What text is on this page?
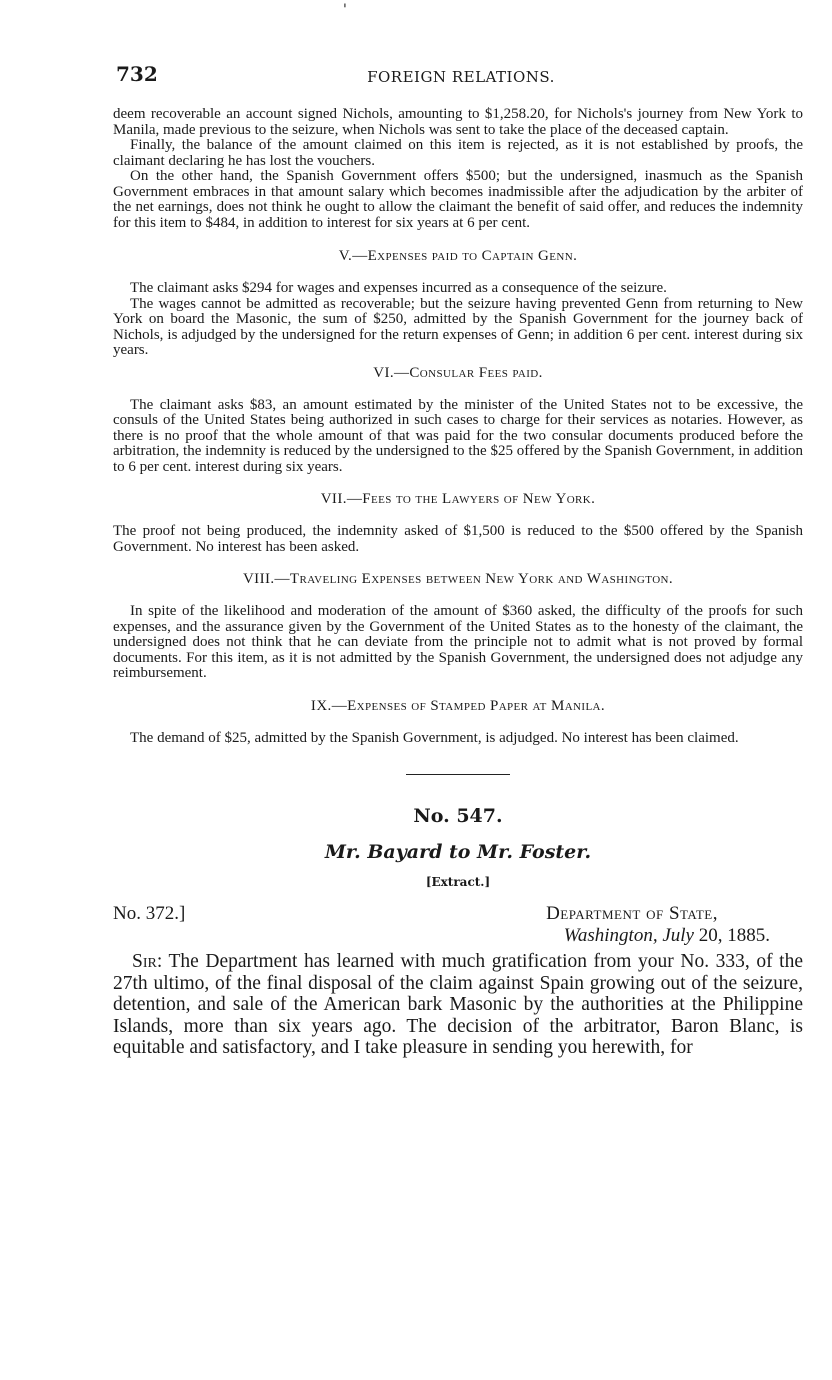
'
732	FOREIGN RELATIONS.

deem recoverable an account signed Nichols, amounting to $1,258.20, for Nichols's journey from New York to Manila, made previous to the seizure, when Nichols was sent to take the place of the deceased captain.

Finally, the balance of the amount claimed on this item is rejected, as it is not established by proofs, the claimant declaring he has lost the vouchers.

On the other hand, the Spanish Government offers $500; but the undersigned, inasmuch as the Spanish Government embraces in that amount salary which becomes inadmissible after the adjudication by the arbiter of the net earnings, does not think he ought to allow the claimant the benefit of said offer, and reduces the indemnity for this item to $484, in addition to interest for six years at 6 per cent.

V.—Expenses paid to Captain Genn.

The claimant asks $294 for wages and expenses incurred as a consequence of the seizure.

The wages cannot be admitted as recoverable; but the seizure having prevented Genn from returning to New York on board the Masonic, the sum of $250, admitted by the Spanish Government for the journey back of Nichols, is adjudged by the undersigned for the return expenses of Genn; in addition 6 per cent. interest during six years.

VI.—Consular Fees paid.

The claimant asks $83, an amount estimated by the minister of the United States not to be excessive, the consuls of the United States being authorized in such cases to charge for their services as notaries. However, as there is no proof that the whole amount of that was paid for the two consular documents produced before the arbitration, the indemnity is reduced by the undersigned to the $25 offered by the Spanish Government, in addition to 6 per cent. interest during six years.

VII.—Fees to the Lawyers of New York.

The proof not being produced, the indemnity asked of $1,500 is reduced to the $500 offered by the Spanish Government. No interest has been asked.

VIII.—Traveling Expenses between New York and Washington.

In spite of the likelihood and moderation of the amount of $360 asked, the difficulty of the proofs for such expenses, and the assurance given by the Government of the United States as to the honesty of the claimant, the undersigned does not think that he can deviate from the principle not to admit what is not proved by formal documents. For this item, as it is not admitted by the Spanish Government, the undersigned does not adjudge any reimbursement.

IX.—Expenses of Stamped Paper at Manila.

The demand of $25, admitted by the Spanish Government, is adjudged. No interest has been claimed.

No. 547.

Mr. Bayard to Mr. Foster.

[Extract.]

No. 372.]	Department of State,
Washington, July 20, 1885.

Sir: The Department has learned with much gratification from your No. 333, of the 27th ultimo, of the final disposal of the claim against Spain growing out of the seizure, detention, and sale of the American bark Masonic by the authorities at the Philippine Islands, more than six years ago. The decision of the arbitrator, Baron Blanc, is equitable and satisfactory, and I take pleasure in sending you herewith, for
